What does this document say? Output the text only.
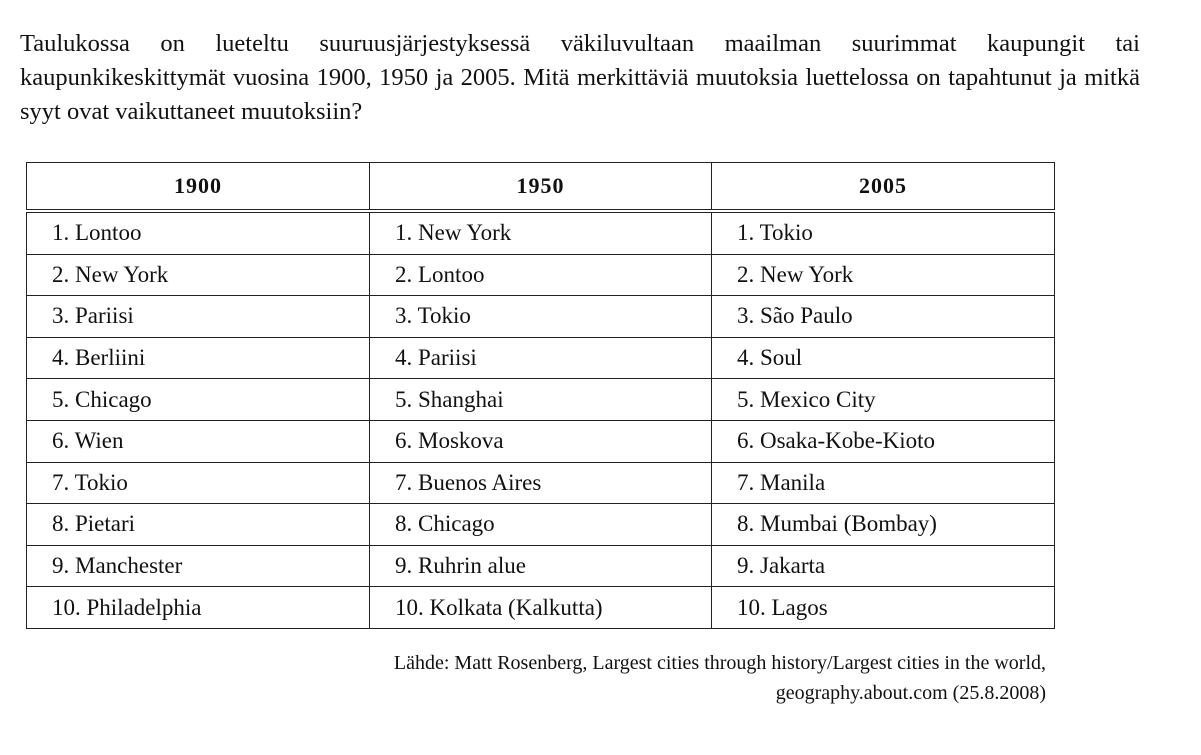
Taulukossa on lueteltu suuruusjärjestyksessä väkiluvultaan maailman suurimmat kaupungit tai kaupunkikeskittymät vuosina 1900, 1950 ja 2005. Mitä merkittäviä muutoksia luettelossa on tapahtunut ja mitkä syyt ovat vaikuttaneet muutoksiin?

1900	1950	2005
1. Lontoo	1. New York	1. Tokio
2. New York	2. Lontoo	2. New York
3. Pariisi	3. Tokio	3. São Paulo
4. Berliini	4. Pariisi	4. Soul
5. Chicago	5. Shanghai	5. Mexico City
6. Wien	6. Moskova	6. Osaka-Kobe-Kioto
7. Tokio	7. Buenos Aires	7. Manila
8. Pietari	8. Chicago	8. Mumbai (Bombay)
9. Manchester	9. Ruhrin alue	9. Jakarta
10. Philadelphia	10. Kolkata (Kalkutta)	10. Lagos
Lähde: Matt Rosenberg, Largest cities through history/Largest cities in the world,
geography.about.com (25.8.2008)
